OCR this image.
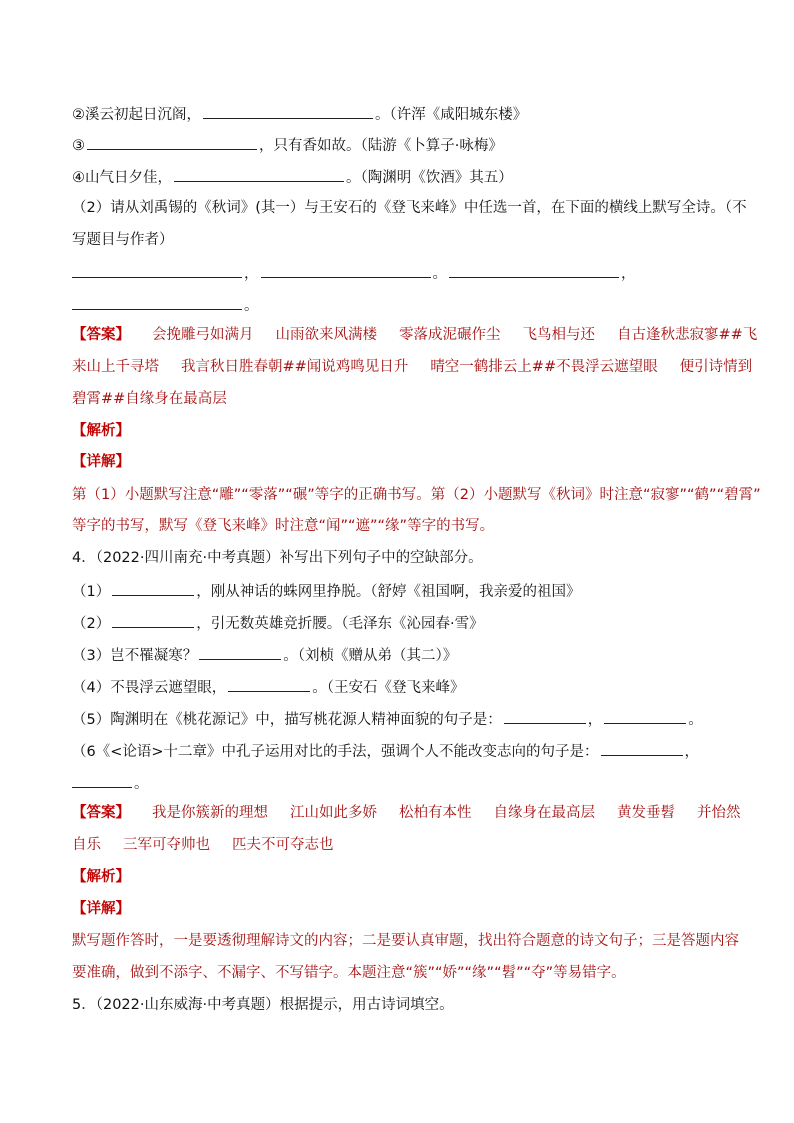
②溪云初起日沉阁，	。（许浑《咸阳城东楼》
③	，只有香如故。（陆游《卜算子·咏梅》
④山气日夕佳，	。（陶渊明《饮酒》其五）
（2）请从刘禹锡的《秋词》(其一）与王安石的《登飞来峰》中任选一首，在下面的横线上默写全诗。（不
写题目与作者）
，	。	，
。
【答案】 会挽雕弓如满月 山雨欲来风满楼 零落成泥碾作尘 飞鸟相与还 自古逢秋悲寂寥##飞
来山上千寻塔 我言秋日胜春朝##闻说鸡鸣见日升 晴空一鹤排云上##不畏浮云遮望眼 便引诗情到
碧霄##自缘身在最高层
【解析】
【详解】
第（1）小题默写注意“雕”“零落”“碾”等字的正确书写。第（2）小题默写《秋词》时注意“寂寥”“鹤”“碧霄”
等字的书写，默写《登飞来峰》时注意“闻”“遮”“缘”等字的书写。
4．（2022·四川南充·中考真题）补写出下列句子中的空缺部分。
（1）	，刚从神话的蛛网里挣脱。（舒婷《祖国啊，我亲爱的祖国》
（2）	，引无数英雄竞折腰。（毛泽东《沁园春·雪》
（3）岂不罹凝寒？	。（刘桢《赠从弟（其二）》
（4）不畏浮云遮望眼，	。（王安石《登飞来峰》
（5）陶渊明在《桃花源记》中，描写桃花源人精神面貌的句子是：	，	。
（6《<论语>十二章》中孔子运用对比的手法，强调个人不能改变志向的句子是：	，
。
【答案】 我是你簇新的理想 江山如此多娇 松柏有本性 自缘身在最高层 黄发垂髫 并怡然
自乐 三军可夺帅也 匹夫不可夺志也
【解析】
【详解】
默写题作答时，一是要透彻理解诗文的内容；二是要认真审题，找出符合题意的诗文句子；三是答题内容
要准确，做到不添字、不漏字、不写错字。本题注意“簇”“娇”“缘”“髫”“夺”等易错字。
5．（2022·山东威海·中考真题）根据提示，用古诗词填空。
